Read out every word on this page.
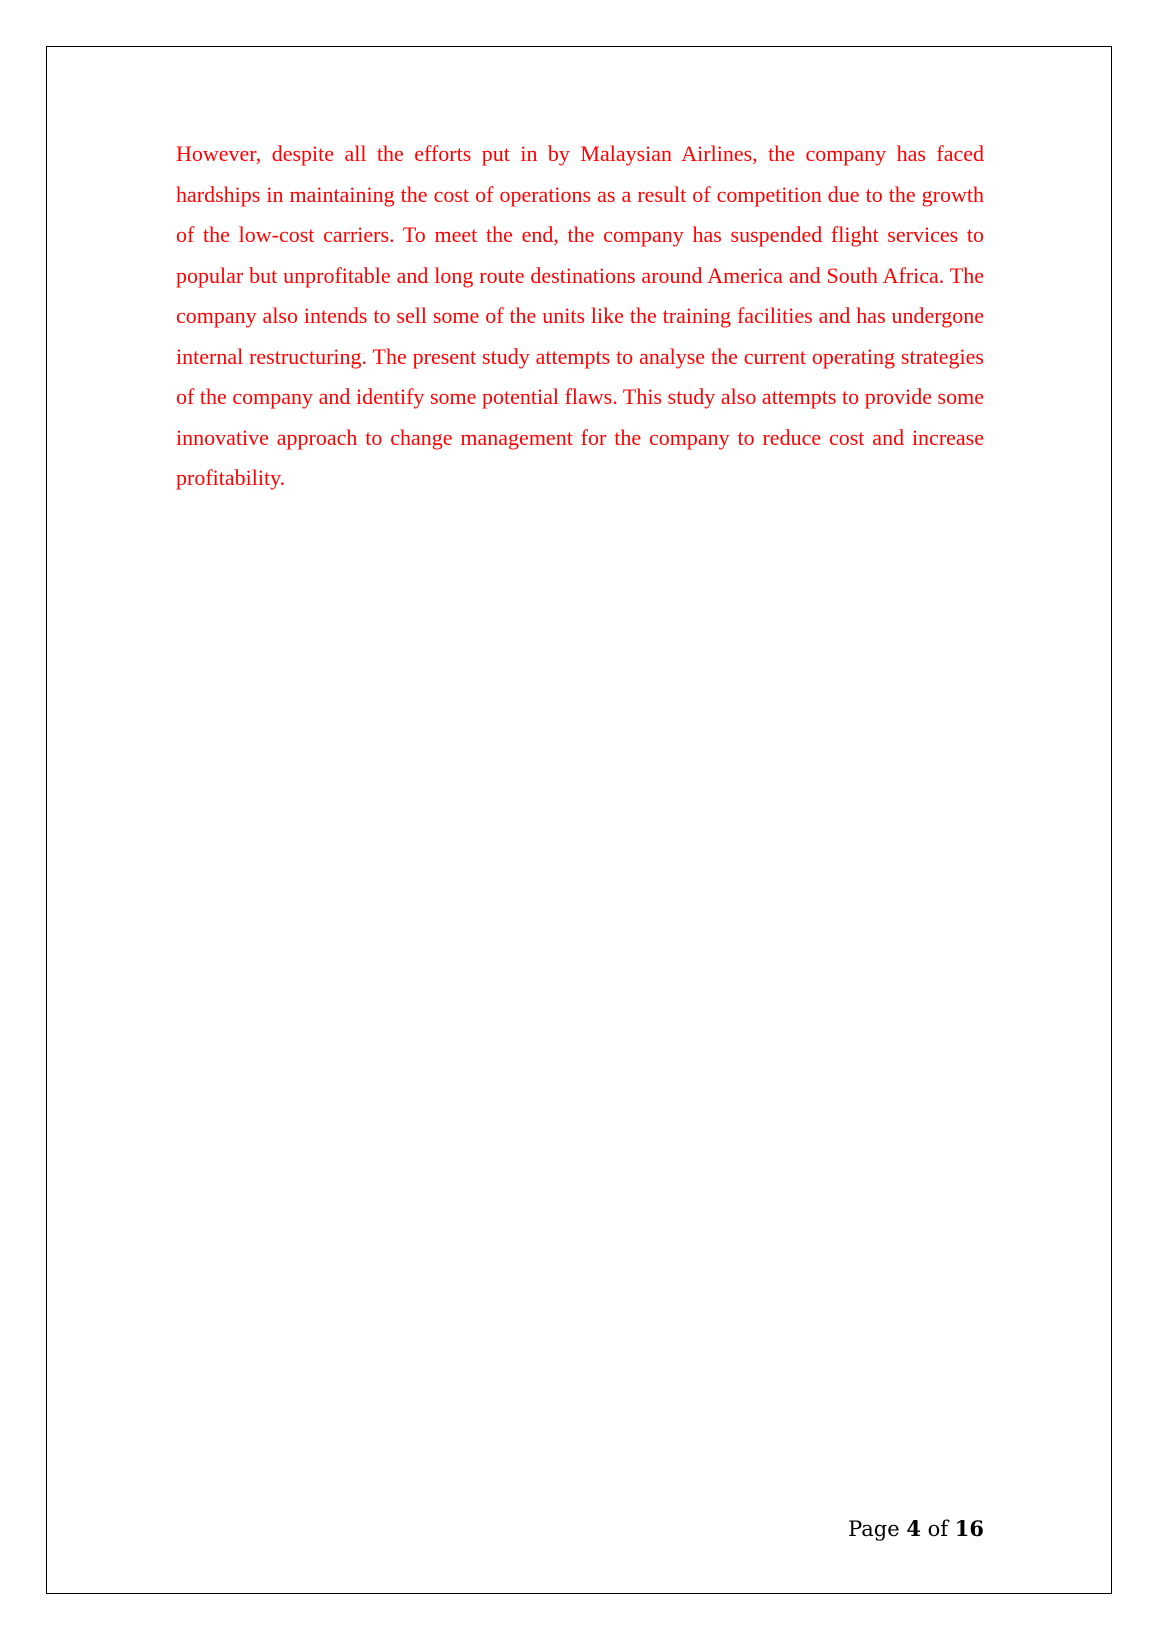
However, despite all the efforts put in by Malaysian Airlines, the company has faced hardships in maintaining the cost of operations as a result of competition due to the growth of the low-cost carriers. To meet the end, the company has suspended flight services to popular but unprofitable and long route destinations around America and South Africa. The company also intends to sell some of the units like the training facilities and has undergone internal restructuring. The present study attempts to analyse the current operating strategies of the company and identify some potential flaws. This study also attempts to provide some innovative approach to change management for the company to reduce cost and increase profitability.

Page 4 of 16
